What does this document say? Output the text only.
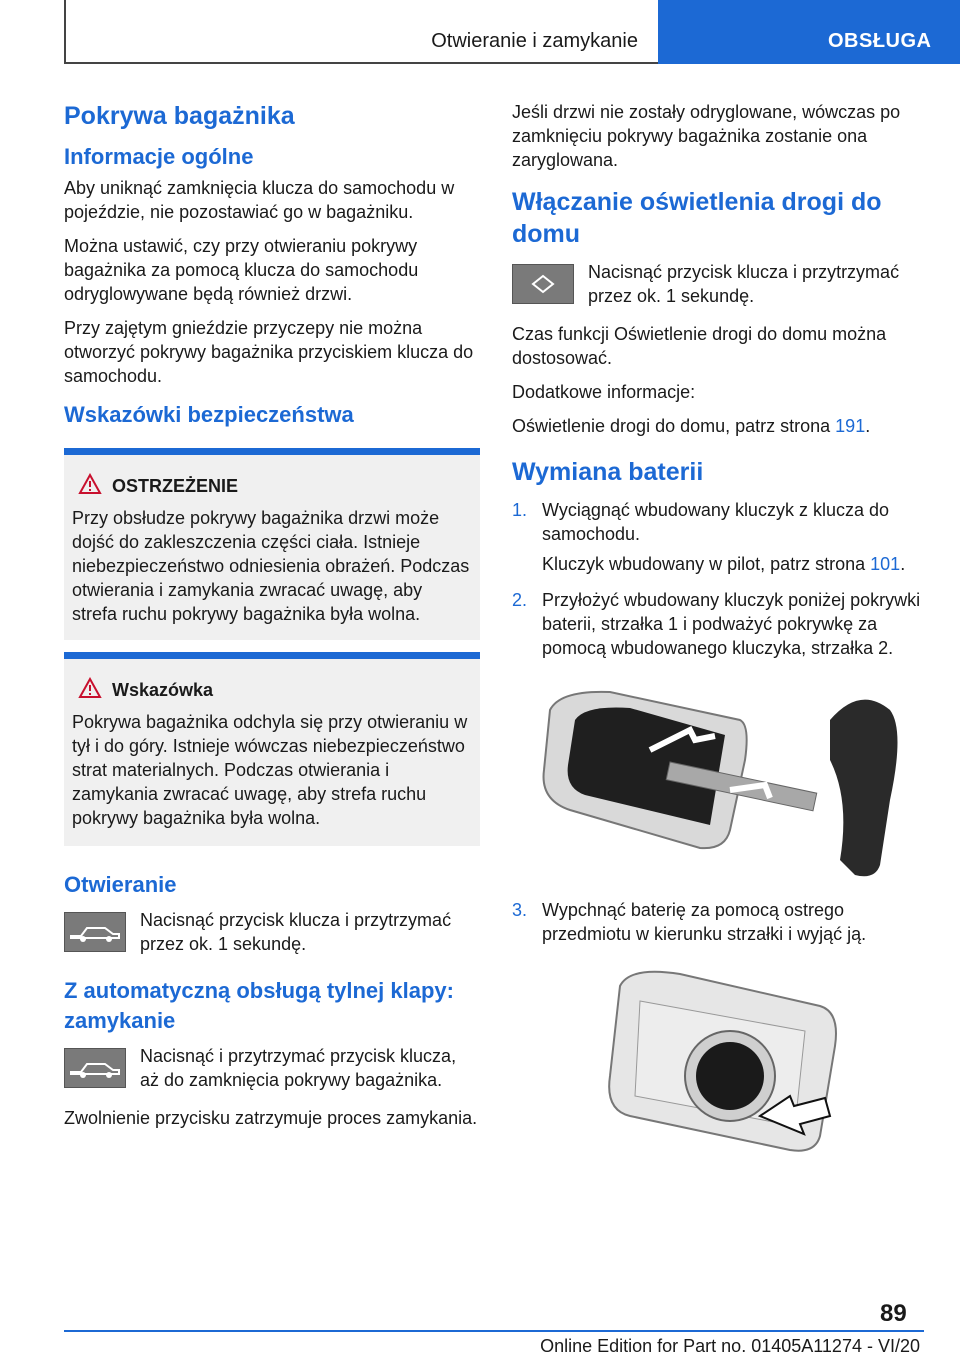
Otwieranie i zamykanie	OBSŁUGA
Pokrywa bagażnika
Informacje ogólne

Aby uniknąć zamknięcia klucza do samochodu w pojeździe, nie pozostawiać go w bagażniku.

Można ustawić, czy przy otwieraniu pokrywy bagażnika za pomocą klucza do samochodu odryglowywane będą również drzwi.

Przy zajętym gnieździe przyczepy nie można otworzyć pokrywy bagażnika przyciskiem klucza do samochodu.

Wskazówki bezpieczeństwa
OSTRZEŻENIE

Przy obsłudze pokrywy bagażnika drzwi może dojść do zakleszczenia części ciała. Istnieje niebezpieczeństwo odniesienia obrażeń. Podczas otwierania i zamykania zwracać uwagę, aby strefa ruchu pokrywy bagażnika była wolna.

Wskazówka

Pokrywa bagażnika odchyla się przy otwieraniu w tył i do góry. Istnieje wówczas niebezpieczeństwo strat materialnych. Podczas otwierania i zamykania zwracać uwagę, aby strefa ruchu pokrywy bagażnika była wolna.

Otwieranie

Nacisnąć przycisk klucza i przytrzymać przez ok. 1 sekundę.

Z automatyczną obsługą tylnej klapy: zamykanie

Nacisnąć i przytrzymać przycisk klucza, aż do zamknięcia pokrywy bagażnika.

Zwolnienie przycisku zatrzymuje proces zamykania.

Jeśli drzwi nie zostały odryglowane, wówczas po zamknięciu pokrywy bagażnika zostanie ona zaryglowana.

Włączanie oświetlenia drogi do domu

Nacisnąć przycisk klucza i przytrzymać przez ok. 1 sekundę.

Czas funkcji Oświetlenie drogi do domu można dostosować.

Dodatkowe informacje:

Oświetlenie drogi do domu, patrz strona 191.

Wymiana baterii
1. Wyciągnąć wbudowany kluczyk z klucza do samochodu.

Kluczyk wbudowany w pilot, patrz strona 101.

2. Przyłożyć wbudowany kluczyk poniżej pokrywki baterii, strzałka 1 i podważyć pokrywkę za pomocą wbudowanego kluczyka, strzałka 2.

3. Wypchnąć baterię za pomocą ostrego przedmiotu w kierunku strzałki i wyjąć ją.

89
Online Edition for Part no. 01405A11274 - VI/20
